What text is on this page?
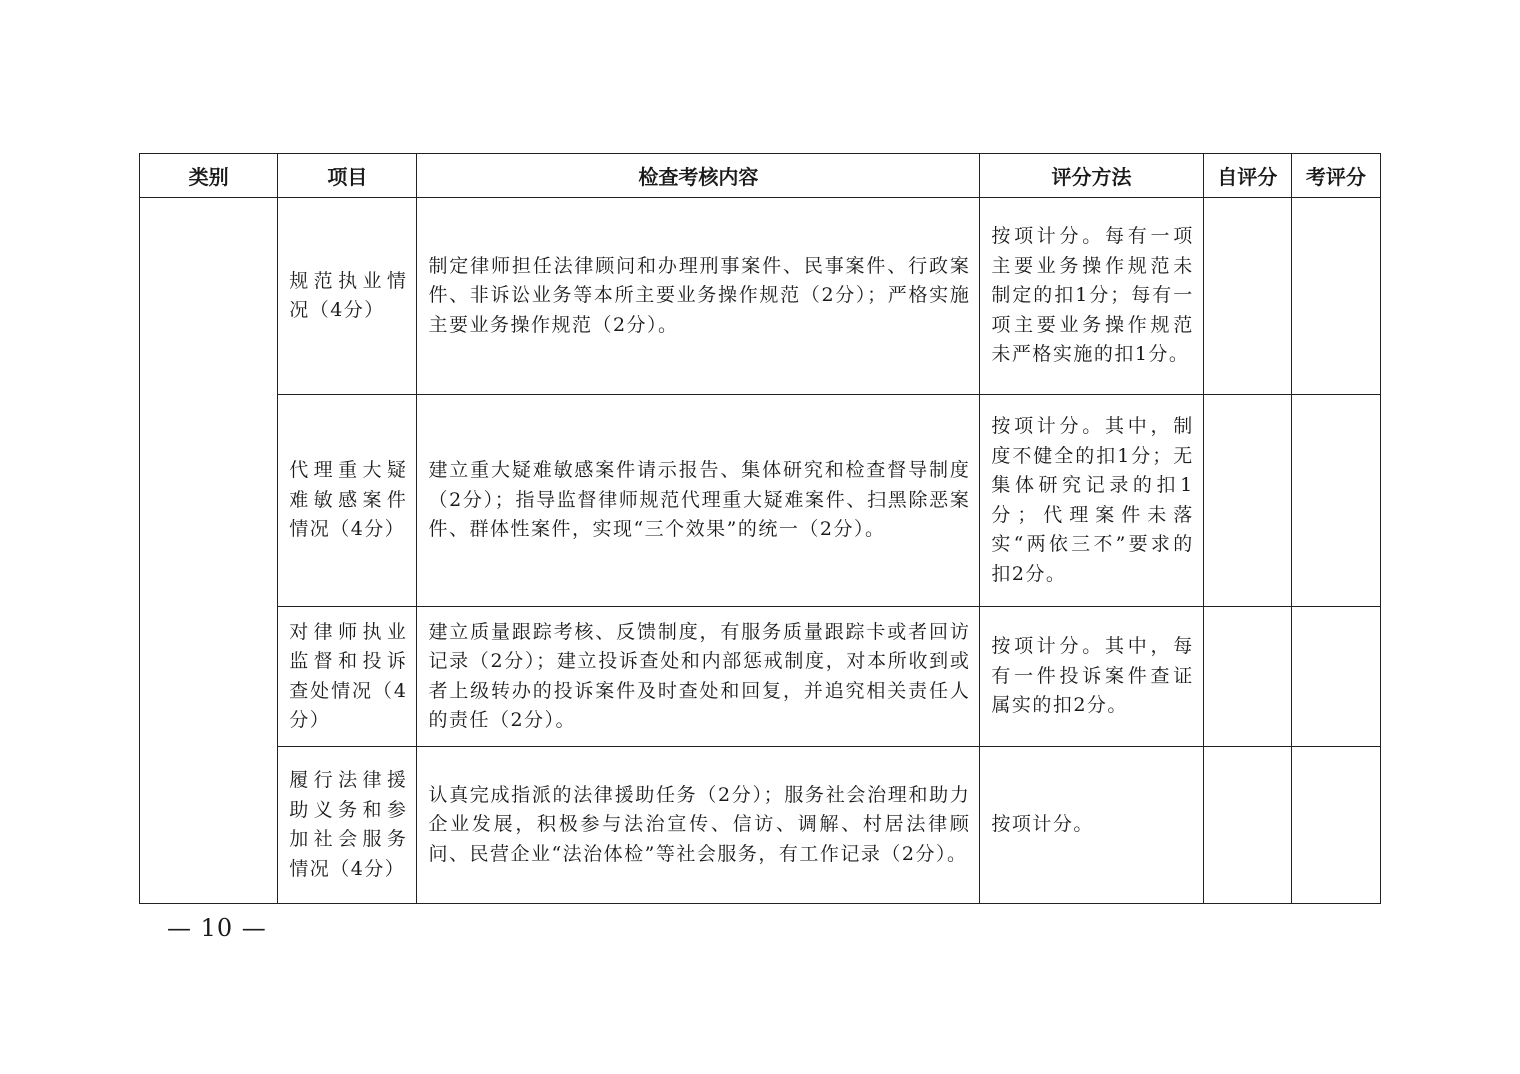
类别	项目	检查考核内容	评分方法	自评分	考评分

	规范执业情况（4分）	制定律师担任法律顾问和办理刑事案件、民事案件、行政案件、非诉讼业务等本所主要业务操作规范（2分）；严格实施主要业务操作规范（2分）。	按项计分。每有一项主要业务操作规范未制定的扣1分；每有一项主要业务操作规范未严格实施的扣1分。		

	代理重大疑难敏感案件情况（4分）	建立重大疑难敏感案件请示报告、集体研究和检查督导制度（2分）；指导监督律师规范代理重大疑难案件、扫黑除恶案件、群体性案件，实现“三个效果”的统一（2分）。	按项计分。其中，制度不健全的扣1分；无集体研究记录的扣1分；代理案件未落实“两依三不”要求的扣2分。		

	对律师执业监督和投诉查处情况（4分）	建立质量跟踪考核、反馈制度，有服务质量跟踪卡或者回访记录（2分）；建立投诉查处和内部惩戒制度，对本所收到或者上级转办的投诉案件及时查处和回复，并追究相关责任人的责任（2分）。	按项计分。其中，每有一件投诉案件查证属实的扣2分。		

	履行法律援助义务和参加社会服务情况（4分）	认真完成指派的法律援助任务（2分）；服务社会治理和助力企业发展，积极参与法治宣传、信访、调解、村居法律顾问、民营企业“法治体检”等社会服务，有工作记录（2分）。	按项计分。		

— 10 —
